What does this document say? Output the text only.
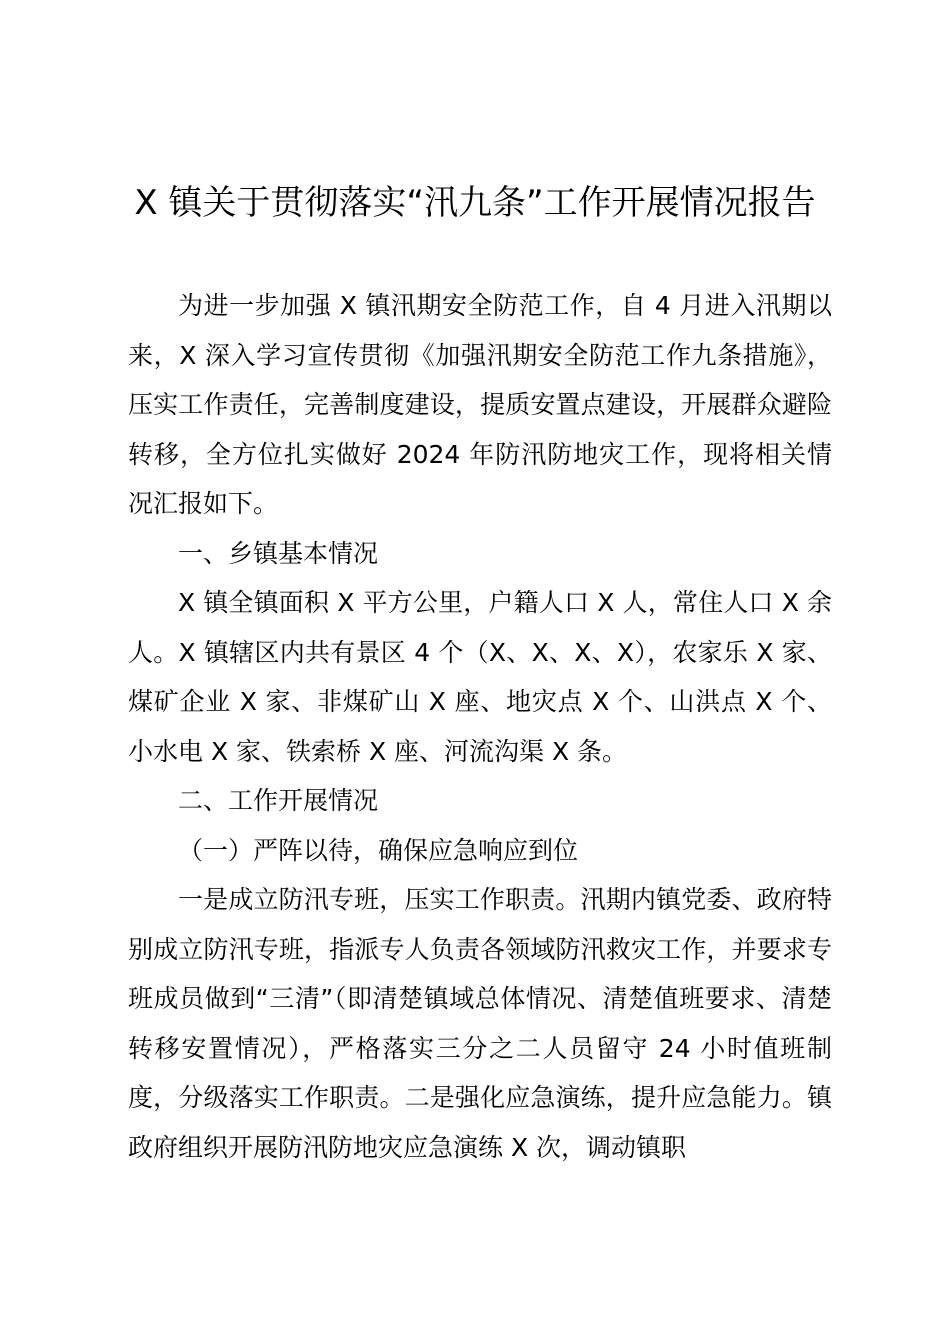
X 镇关于贯彻落实“汛九条”工作开展情况报告

为进一步加强 X 镇汛期安全防范工作，自 4 月进入汛期以来，X 深入学习宣传贯彻《加强汛期安全防范工作九条措施》，压实工作责任，完善制度建设，提质安置点建设，开展群众避险转移，全方位扎实做好 2024 年防汛防地灾工作，现将相关情况汇报如下。

一、乡镇基本情况

X 镇全镇面积 X 平方公里，户籍人口 X 人，常住人口 X 余人。X 镇辖区内共有景区 4 个（X、X、X、X），农家乐 X 家、煤矿企业 X 家、非煤矿山 X 座、地灾点 X 个、山洪点 X 个、小水电 X 家、铁索桥 X 座、河流沟渠 X 条。

二、工作开展情况

（一）严阵以待，确保应急响应到位

一是成立防汛专班，压实工作职责。汛期内镇党委、政府特别成立防汛专班，指派专人负责各领域防汛救灾工作，并要求专班成员做到“三清”（即清楚镇域总体情况、清楚值班要求、清楚转移安置情况），严格落实三分之二人员留守 24 小时值班制度，分级落实工作职责。二是强化应急演练，提升应急能力。镇政府组织开展防汛防地灾应急演练 X 次，调动镇职
